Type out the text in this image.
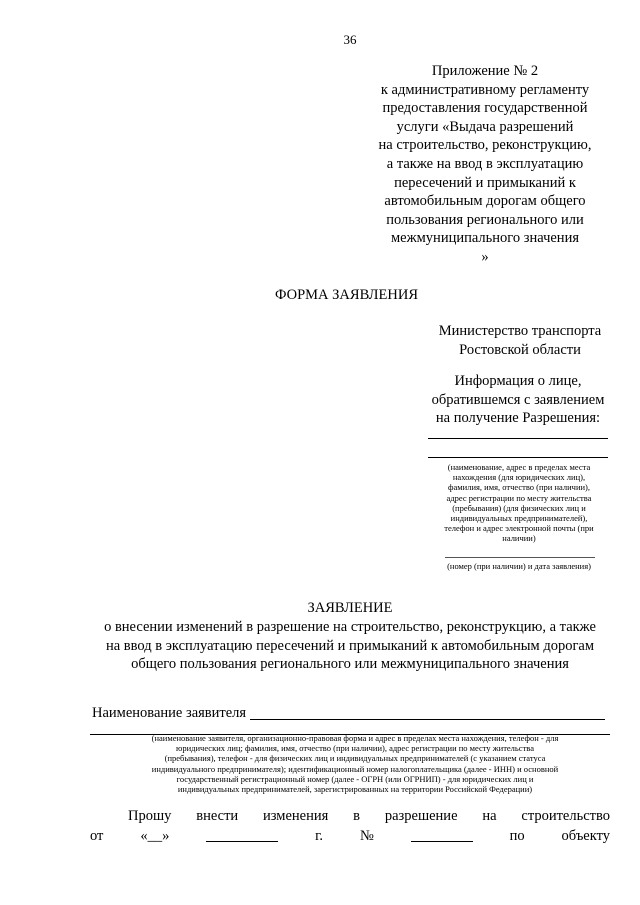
36
Приложение № 2
к административному регламенту
предоставления государственной
услуги «Выдача разрешений
на строительство, реконструкцию,
а также на ввод в эксплуатацию
пересечений и примыканий к
автомобильным дорогам общего
пользования регионального или
межмуниципального значения
»
ФОРМА ЗАЯВЛЕНИЯ
Министерство транспорта
Ростовской области
Информация о лице,
обратившемся с заявлением
на получение Разрешения:
(наименование, адрес в пределах места
нахождения (для юридических лиц),
фамилия, имя, отчество (при наличии),
адрес регистрации по месту жительства
(пребывания) (для физических лиц и
индивидуальных предпринимателей),
телефон и адрес электронной почты (при
наличии)
(номер (при наличии) и дата заявления)
ЗАЯВЛЕНИЕ
о внесении изменений в разрешение на строительство, реконструкцию, а также
на ввод в эксплуатацию пересечений и примыканий к автомобильным дорогам
общего пользования регионального или межмуниципального значения
Наименование заявителя
(наименование заявителя, организационно-правовая форма и адрес в пределах места нахождения, телефон - для
юридических лиц; фамилия, имя, отчество (при наличии), адрес регистрации по месту жительства
(пребывания), телефон - для физических лиц и индивидуальных предпринимателей (с указанием статуса
индивидуального предпринимателя); идентификационный номер налогоплательщика (далее - ИНН) и основной
государственный регистрационный номер (далее - ОГРН (или ОГРНИП) - для юридических лиц и
индивидуальных предпринимателей, зарегистрированных на территории Российской Федерации)
Прошу внести изменения в разрешение на строительство
от	«__»	г.	№	по	объекту
